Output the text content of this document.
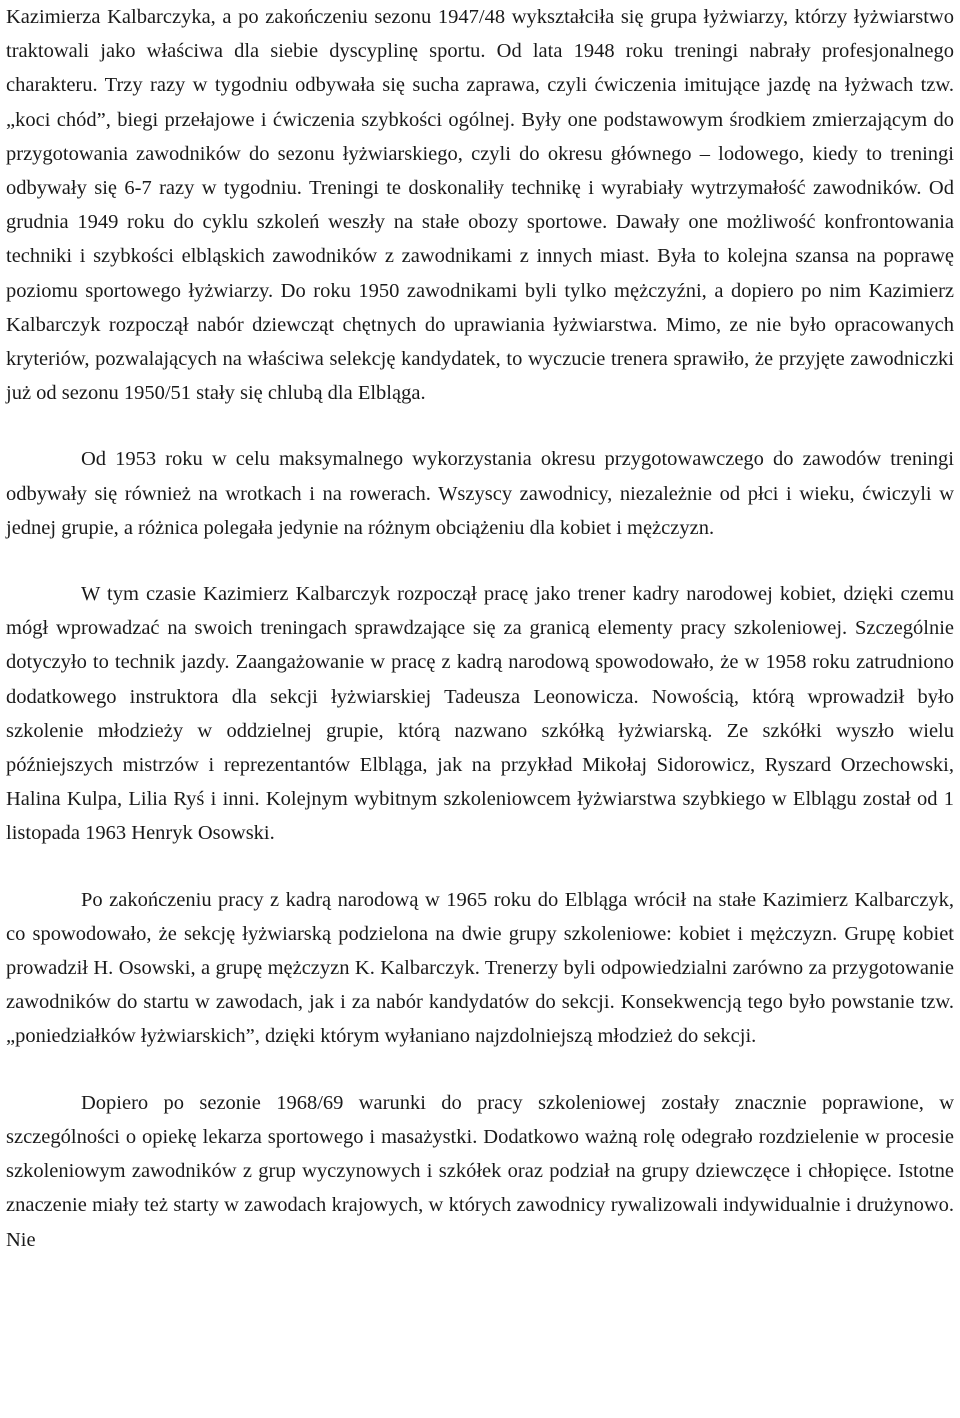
Kazimierza Kalbarczyka, a po zakończeniu sezonu 1947/48 wykształciła się grupa łyżwiarzy, którzy łyżwiarstwo traktowali jako właściwa dla siebie dyscyplinę sportu. Od lata 1948 roku treningi nabrały profesjonalnego charakteru. Trzy razy w tygodniu odbywała się sucha zaprawa, czyli ćwiczenia imitujące jazdę na łyżwach tzw. „koci chód”, biegi przełajowe i ćwiczenia szybkości ogólnej. Były one podstawowym środkiem zmierzającym do przygotowania zawodników do sezonu łyżwiarskiego, czyli do okresu głównego – lodowego, kiedy to treningi odbywały się 6-7 razy w tygodniu. Treningi te doskonaliły technikę i wyrabiały wytrzymałość zawodników. Od grudnia 1949 roku do cyklu szkoleń weszły na stałe obozy sportowe. Dawały one możliwość konfrontowania techniki i szybkości elbląskich zawodników z zawodnikami z innych miast. Była to kolejna szansa na poprawę poziomu sportowego łyżwiarzy. Do roku 1950 zawodnikami byli tylko mężczyźni, a dopiero po nim Kazimierz Kalbarczyk rozpoczął nabór dziewcząt chętnych do uprawiania łyżwiarstwa. Mimo, ze nie było opracowanych kryteriów, pozwalających na właściwa selekcję kandydatek, to wyczucie trenera sprawiło, że przyjęte zawodniczki już od sezonu 1950/51 stały się chlubą dla Elbląga.

Od 1953 roku w celu maksymalnego wykorzystania okresu przygotowawczego do zawodów treningi odbywały się również na wrotkach i na rowerach. Wszyscy zawodnicy, niezależnie od płci i wieku, ćwiczyli w jednej grupie, a różnica polegała jedynie na różnym obciążeniu dla kobiet i mężczyzn.

W tym czasie Kazimierz Kalbarczyk rozpoczął pracę jako trener kadry narodowej kobiet, dzięki czemu mógł wprowadzać na swoich treningach sprawdzające się za granicą elementy pracy szkoleniowej. Szczególnie dotyczyło to technik jazdy. Zaangażowanie w pracę z kadrą narodową spowodowało, że w 1958 roku zatrudniono dodatkowego instruktora dla sekcji łyżwiarskiej Tadeusza Leonowicza. Nowością, którą wprowadził było szkolenie młodzieży w oddzielnej grupie, którą nazwano szkółką łyżwiarską. Ze szkółki wyszło wielu późniejszych mistrzów i reprezentantów Elbląga, jak na przykład Mikołaj Sidorowicz, Ryszard Orzechowski, Halina Kulpa, Lilia Ryś i inni. Kolejnym wybitnym szkoleniowcem łyżwiarstwa szybkiego w Elblągu został od 1 listopada 1963 Henryk Osowski.

Po zakończeniu pracy z kadrą narodową w 1965 roku do Elbląga wrócił na stałe Kazimierz Kalbarczyk, co spowodowało, że sekcję łyżwiarską podzielona na dwie grupy szkoleniowe: kobiet i mężczyzn. Grupę kobiet prowadził H. Osowski, a grupę mężczyzn K. Kalbarczyk. Trenerzy byli odpowiedzialni zarówno za przygotowanie zawodników do startu w zawodach, jak i za nabór kandydatów do sekcji. Konsekwencją tego było powstanie tzw. „poniedziałków łyżwiarskich”, dzięki którym wyłaniano najzdolniejszą młodzież do sekcji.

Dopiero po sezonie 1968/69 warunki do pracy szkoleniowej zostały znacznie poprawione, w szczególności o opiekę lekarza sportowego i masażystki. Dodatkowo ważną rolę odegrało rozdzielenie w procesie szkoleniowym zawodników z grup wyczynowych i szkółek oraz podział na grupy dziewczęce i chłopięce. Istotne znaczenie miały też starty w zawodach krajowych, w których zawodnicy rywalizowali indywidualnie i drużynowo. Nie
